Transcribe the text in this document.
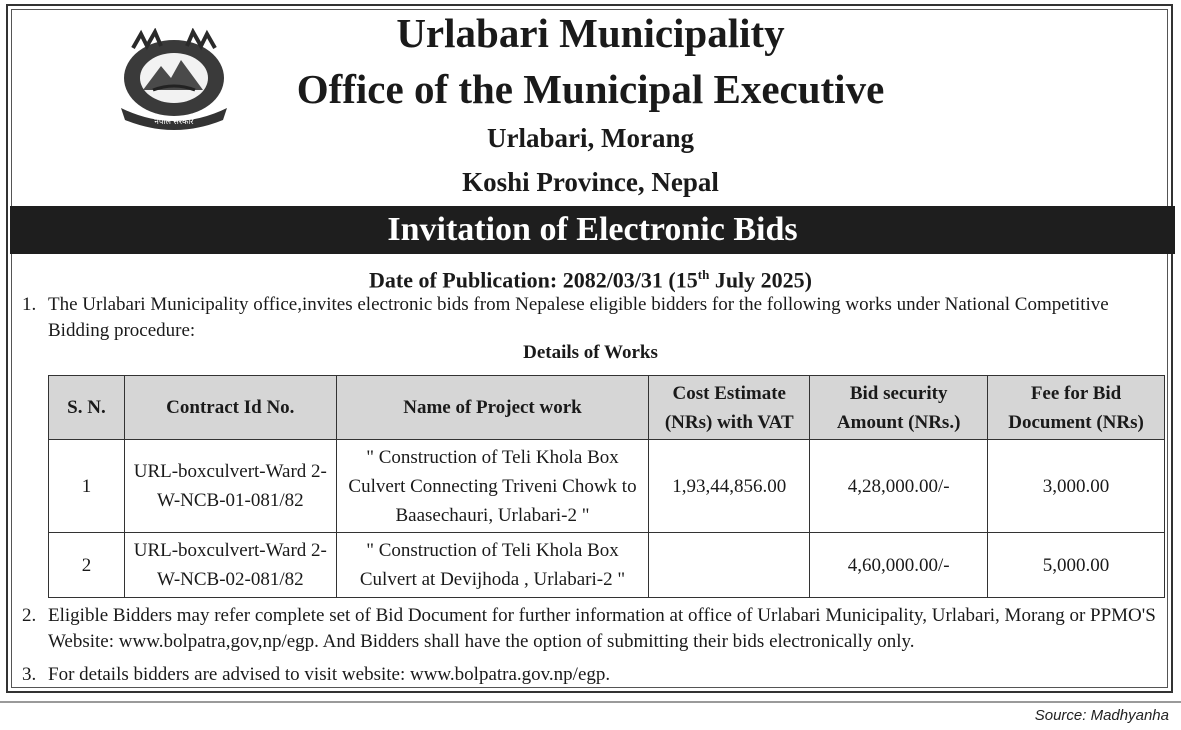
नेपाल सरकार
Urlabari Municipality
Office of the Municipal Executive
Urlabari, Morang
Koshi Province, Nepal
Invitation of Electronic Bids
Date of Publication: 2082/03/31 (15th July 2025)
1. The Urlabari Municipality office,invites electronic bids from Nepalese eligible bidders for the following works under National Competitive Bidding procedure:
Details of Works
S. N.	Contract Id No.	Name of Project work	Cost Estimate (NRs) with VAT	Bid security Amount (NRs.)	Fee for Bid Document (NRs)
1	URL-boxculvert-Ward 2-W-NCB-01-081/82	" Construction of Teli Khola Box Culvert Connecting Triveni Chowk to Baasechauri, Urlabari-2 "	1,93,44,856.00	4,28,000.00/-	3,000.00
2	URL-boxculvert-Ward 2-W-NCB-02-081/82	" Construction of Teli Khola Box Culvert at Devijhoda , Urlabari-2 "		4,60,000.00/-	5,000.00
2. Eligible Bidders may refer complete set of Bid Document for further information at office of Urlabari Municipality, Urlabari, Morang or PPMO'S Website: www.bolpatra,gov,np/egp. And Bidders shall have the option of submitting their bids electronically only.
3. For details bidders are advised to visit website: www.bolpatra.gov.np/egp.
Source: Madhyanha
